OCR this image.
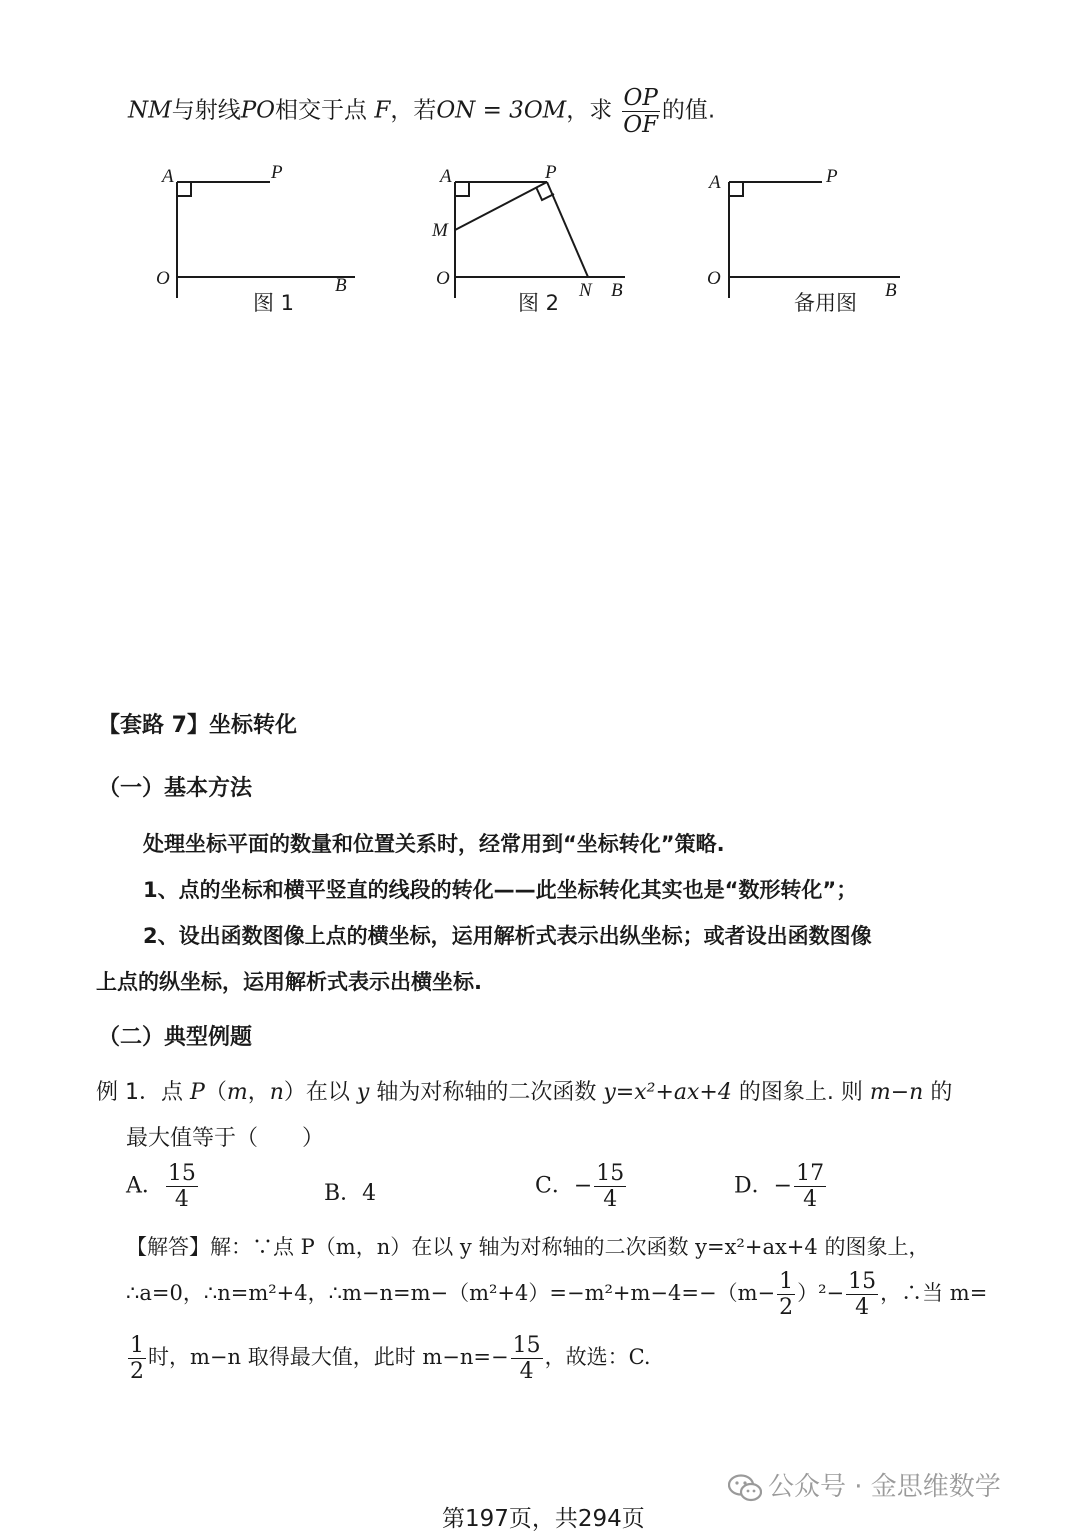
NM与射线PO相交于点 F，若ON = 3OM，求 $\frac{OP}{OF}$ 的值.
A	P
O	B
图 1
A	P
M
O
N B
图 2
A	P
O
B
备用图
【套路 7】坐标转化
（一）基本方法
处理坐标平面的数量和位置关系时，经常用到“坐标转化”策略.
1、点的坐标和横平竖直的线段的转化——此坐标转化其实也是“数形转化”；
2、设出函数图像上点的横坐标，运用解析式表示出纵坐标；或者设出函数图像
上点的纵坐标，运用解析式表示出横坐标.
（二）典型例题
例 1．点 P（m，n）在以 y 轴为对称轴的二次函数 y=x²+ax+4 的图象上. 则 m−n 的
最大值等于（　　）
A． $\frac{15}{4}$	B．4	C．− $\frac{15}{4}$	D．− $\frac{17}{4}$
【解答】解：∵点 P（m，n）在以 y 轴为对称轴的二次函数 y=x²+ax+4 的图象上，
∴a=0，∴n=m²+4，∴m−n=m−（m²+4）=−m²+m−4=−（m− $\frac{1}{2} )^2- \frac{15}{4}$ ，∴当 m=
$\frac{1}{2}$ 时，m−n 取得最大值，此时 $m-n=- \frac{15}{4}$ ，故选：C.
公众号 · 金思维数学
第197页，共294页
